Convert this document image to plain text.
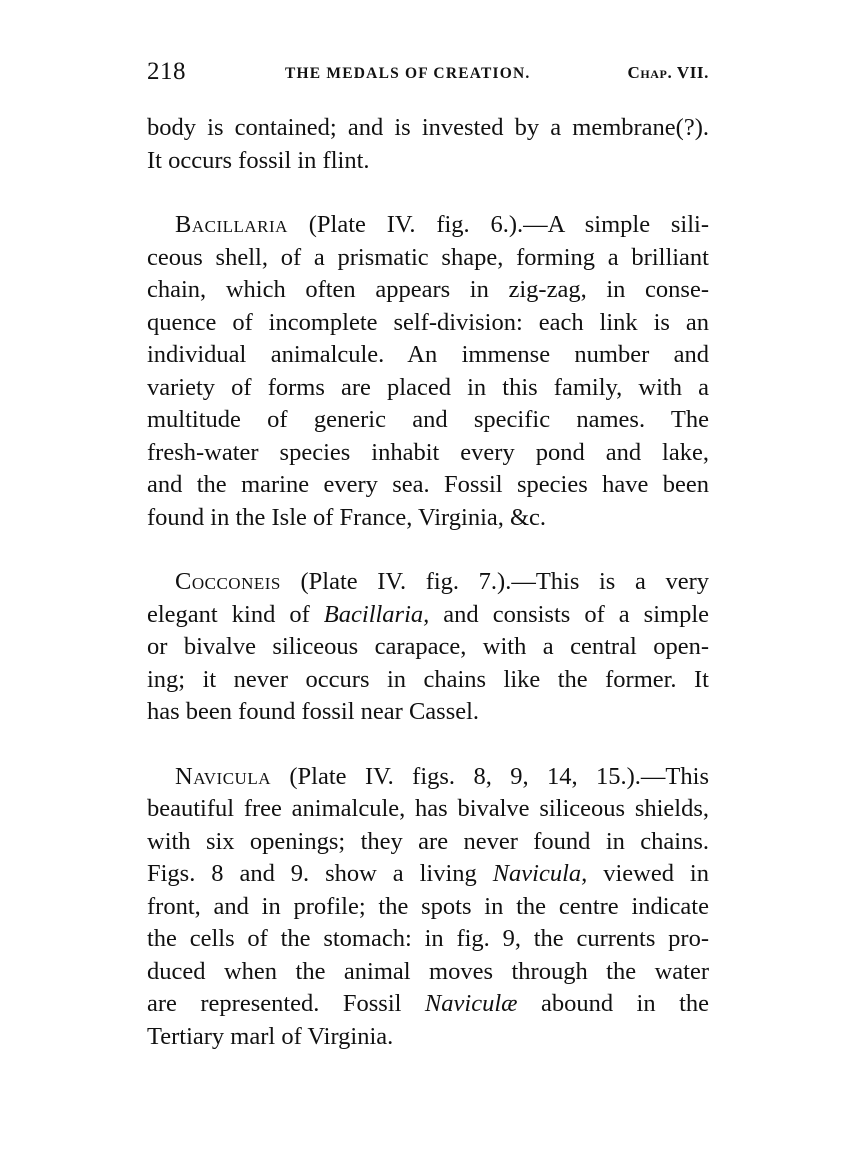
218	THE MEDALS OF CREATION.	Chap. VII.
body is contained; and is invested by a membrane(?).
It occurs fossil in flint.
Bacillaria (Plate IV. fig. 6.).—A simple sili-
ceous shell, of a prismatic shape, forming a brilliant
chain, which often appears in zig-zag, in conse-
quence of incomplete self-division: each link is an
individual animalcule. An immense number and
variety of forms are placed in this family, with a
multitude of generic and specific names. The
fresh-water species inhabit every pond and lake,
and the marine every sea. Fossil species have been
found in the Isle of France, Virginia, &c.
Cocconeis (Plate IV. fig. 7.).—This is a very
elegant kind of Bacillaria, and consists of a simple
or bivalve siliceous carapace, with a central open-
ing; it never occurs in chains like the former. It
has been found fossil near Cassel.
Navicula (Plate IV. figs. 8, 9, 14, 15.).—This
beautiful free animalcule, has bivalve siliceous shields,
with six openings; they are never found in chains.
Figs. 8 and 9. show a living Navicula, viewed in
front, and in profile; the spots in the centre indicate
the cells of the stomach: in fig. 9, the currents pro-
duced when the animal moves through the water
are represented. Fossil Naviculæ abound in the
Tertiary marl of Virginia.
